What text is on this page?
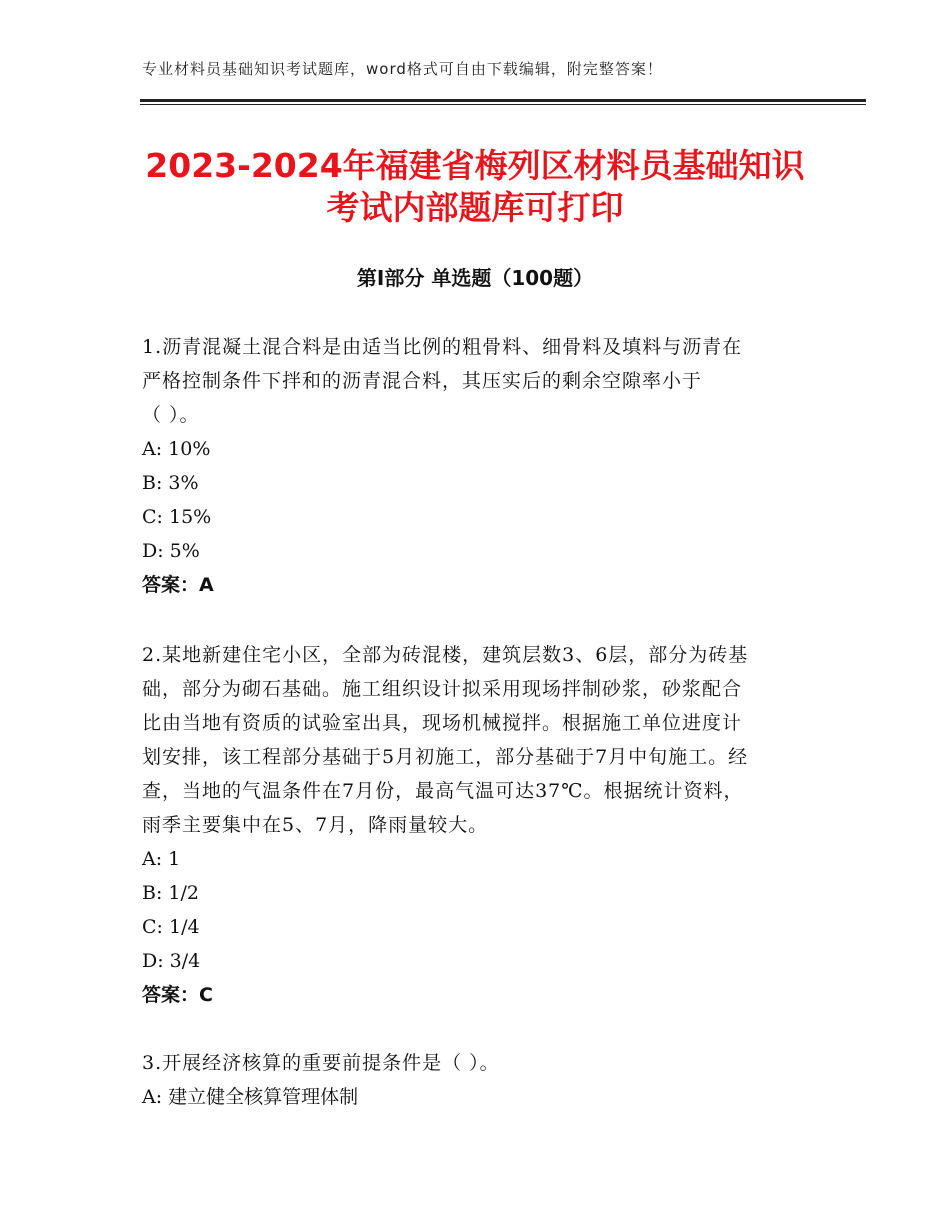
专业材料员基础知识考试题库，word格式可自由下载编辑，附完整答案！
2023-2024年福建省梅列区材料员基础知识
考试内部题库可打印
第Ⅰ部分 单选题（100题）
1.沥青混凝土混合料是由适当比例的粗骨料、细骨料及填料与沥青在
严格控制条件下拌和的沥青混合料，其压实后的剩余空隙率小于
（ ）。
A: 10%
B: 3%
C: 15%
D: 5%
答案：A
2.某地新建住宅小区，全部为砖混楼，建筑层数3、6层，部分为砖基
础，部分为砌石基础。施工组织设计拟采用现场拌制砂浆，砂浆配合
比由当地有资质的试验室出具，现场机械搅拌。根据施工单位进度计
划安排，该工程部分基础于5月初施工，部分基础于7月中旬施工。经
查，当地的气温条件在7月份，最高气温可达37℃。根据统计资料，
雨季主要集中在5、7月，降雨量较大。
A: 1
B: 1/2
C: 1/4
D: 3/4
答案：C
3.开展经济核算的重要前提条件是（ ）。
A: 建立健全核算管理体制
